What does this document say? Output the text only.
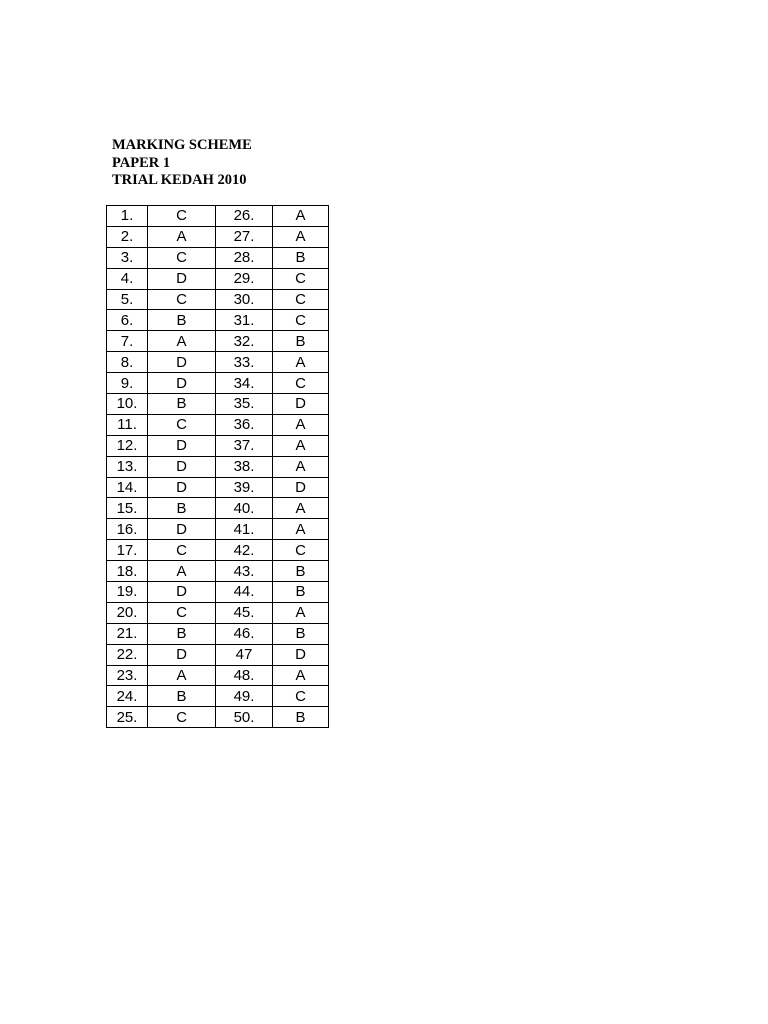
MARKING SCHEME
PAPER 1
TRIAL KEDAH 2010
1.	C	26.	A
2.	A	27.	A
3.	C	28.	B
4.	D	29.	C
5.	C	30.	C
6.	B	31.	C
7.	A	32.	B
8.	D	33.	A
9.	D	34.	C
10.	B	35.	D
11.	C	36.	A
12.	D	37.	A
13.	D	38.	A
14.	D	39.	D
15.	B	40.	A
16.	D	41.	A
17.	C	42.	C
18.	A	43.	B
19.	D	44.	B
20.	C	45.	A
21.	B	46.	B
22.	D	47	D
23.	A	48.	A
24.	B	49.	C
25.	C	50.	B
